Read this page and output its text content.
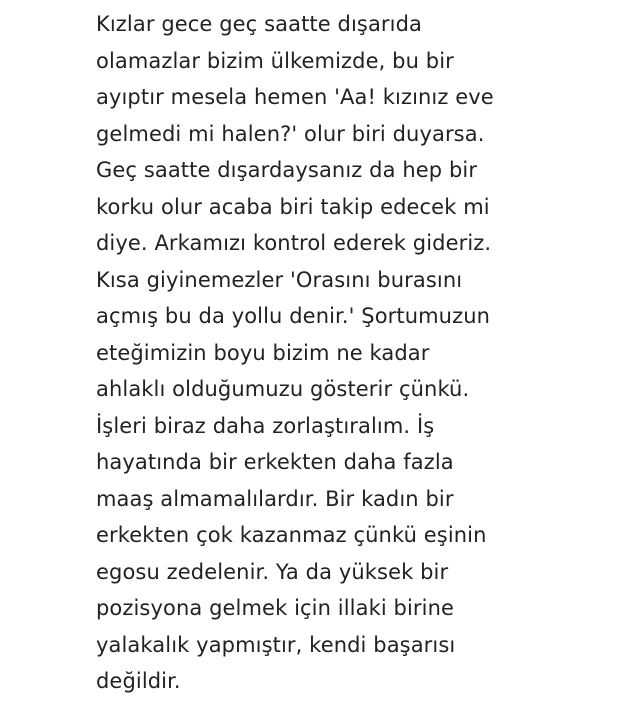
Kızlar gece geç saatte dışarıda
olamazlar bizim ülkemizde, bu bir
ayıptır mesela hemen 'Aa! kızınız eve
gelmedi mi halen?' olur biri duyarsa.
Geç saatte dışardaysanız da hep bir
korku olur acaba biri takip edecek mi
diye. Arkamızı kontrol ederek gideriz.
Kısa giyinemezler 'Orasını burasını
açmış bu da yollu denir.' Şortumuzun
eteğimizin boyu bizim ne kadar
ahlaklı olduğumuzu gösterir çünkü.
İşleri biraz daha zorlaştıralım. İş
hayatında bir erkekten daha fazla
maaş almamalılardır. Bir kadın bir
erkekten çok kazanmaz çünkü eşinin
egosu zedelenir. Ya da yüksek bir
pozisyona gelmek için illaki birine
yalakalık yapmıştır, kendi başarısı
değildir.
